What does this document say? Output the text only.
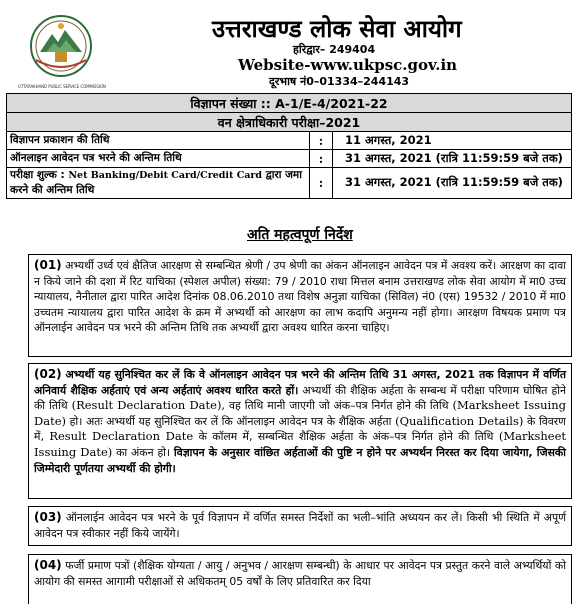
UTTARAKHAND PUBLIC SERVICE COMMISSION
उत्तराखण्ड लोक सेवा आयोग
हरिद्वार– 249404
Website-www.ukpsc.gov.in
दूरभाष नं0–01334–244143
विज्ञापन संख्या :: A-1/E-4/2021-22
वन क्षेत्राधिकारी परीक्षा–2021
विज्ञापन प्रकाशन की तिथि	:	11 अगस्त, 2021
ऑनलाइन आवेदन पत्र भरने की अन्तिम तिथि	:	31 अगस्त, 2021 (रात्रि 11:59:59 बजे तक)
परीक्षा शुल्क : Net Banking/Debit Card/Credit Card द्वारा जमा करने की अन्तिम तिथि	:	31 अगस्त, 2021 (रात्रि 11:59:59 बजे तक)
अति महत्वपूर्ण निर्देश
(01) अभ्यर्थी उर्ध्व एवं क्षैतिज आरक्षण से सम्बन्धित श्रेणी / उप श्रेणी का अंकन ऑनलाइन आवेदन पत्र में अवश्य करें। आरक्षण का दावा न किये जाने की दशा में रिट याचिका (स्पेशल अपील) संख्या: 79 / 2010 राधा मित्तल बनाम उत्तराखण्ड लोक सेवा आयोग में मा0 उच्च न्यायालय, नैनीताल द्वारा पारित आदेश दिनांक 08.06.2010 तथा विशेष अनुज्ञा याचिका (सिविल) नं0 (एस) 19532 / 2010 में मा0 उच्चतम न्यायालय द्वारा पारित आदेश के क्रम में अभ्यर्थी को आरक्षण का लाभ कदापि अनुमन्य नहीं होगा। आरक्षण विषयक प्रमाण पत्र ऑनलाईन आवेदन पत्र भरने की अन्तिम तिथि तक अभ्यर्थी द्वारा अवश्य धारित करना चाहिए।
(02) अभ्यर्थी यह सुनिश्चित कर लें कि वे ऑनलाइन आवेदन पत्र भरने की अन्तिम तिथि 31 अगस्त, 2021 तक विज्ञापन में वर्णित अनिवार्य शैक्षिक अर्हताएं एवं अन्य अर्हताएं अवश्य धारित करते हों। अभ्यर्थी की शैक्षिक अर्हता के सम्बन्ध में परीक्षा परिणाम घोषित होने की तिथि (Result Declaration Date), वह तिथि मानी जाएगी जो अंक–पत्र निर्गत होने की तिथि (Marksheet Issuing Date) हो। अतः अभ्यर्थी यह सुनिश्चित कर लें कि ऑनलाइन आवेदन पत्र के शैक्षिक अर्हता (Qualification Details) के विवरण में, Result Declaration Date के कॉलम में, सम्बन्धित शैक्षिक अर्हता के अंक–पत्र निर्गत होने की तिथि (Marksheet Issuing Date) का अंकन हो। विज्ञापन के अनुसार वांछित अर्हताओं की पुष्टि न होने पर अभ्यर्थन निरस्त कर दिया जायेगा, जिसकी जिम्मेदारी पूर्णतया अभ्यर्थी की होगी।
(03) ऑनलाईन आवेदन पत्र भरने के पूर्व विज्ञापन में वर्णित समस्त निर्देशों का भली–भांति अध्ययन कर लें। किसी भी स्थिति में अपूर्ण आवेदन पत्र स्वीकार नहीं किये जायेंगे।
(04) फर्जी प्रमाण पत्रों (शैक्षिक योग्यता / आयु / अनुभव / आरक्षण सम्बन्धी) के आधार पर आवेदन पत्र प्रस्तुत करने वाले अभ्यर्थियों को आयोग की समस्त आगामी परीक्षाओं से अधिकतम् 05 वर्षों के लिए प्रतिवारित कर दिया
